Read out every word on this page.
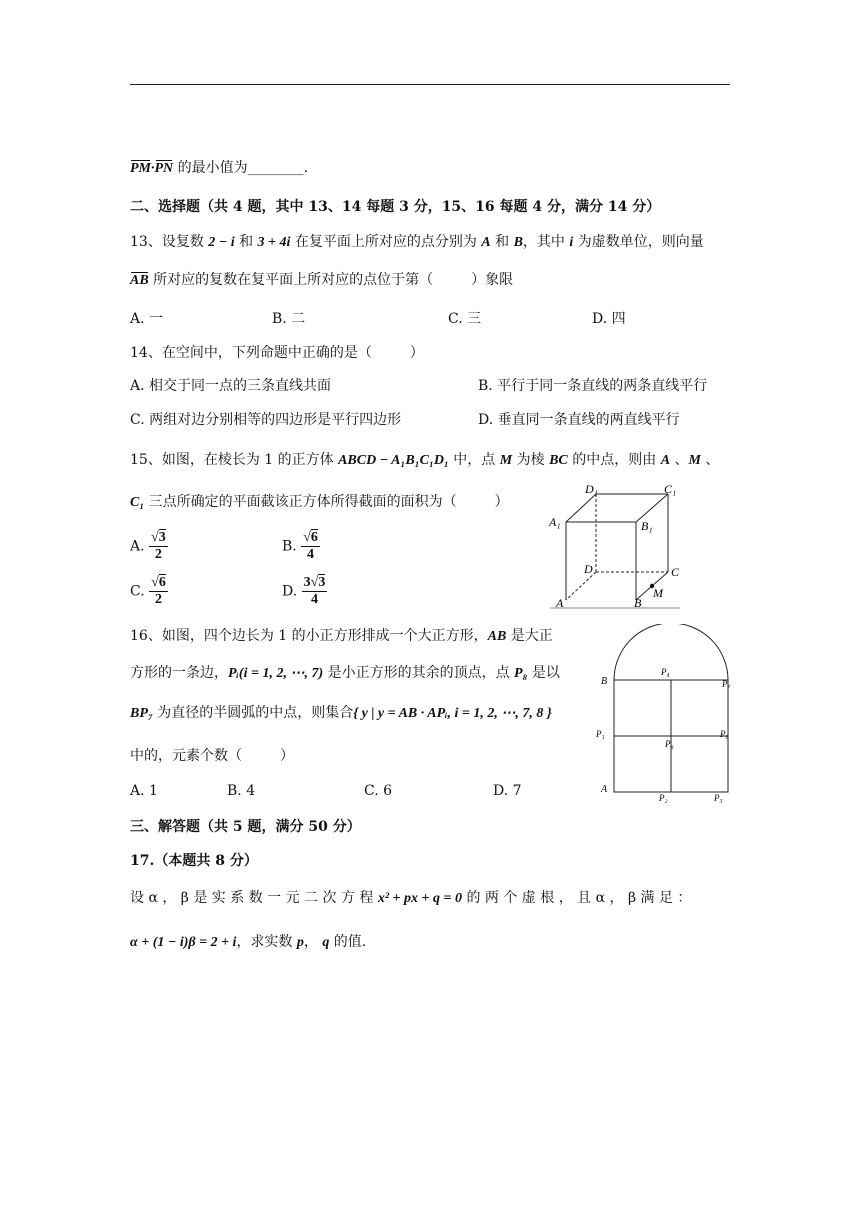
PM·PN 的最小值为________.
二、选择题（共 4 题，其中 13、14 每题 3 分，15、16 每题 4 分，满分 14 分）
13、设复数 2 − i 和 3 + 4i 在复平面上所对应的点分别为 A 和 B，其中 i 为虚数单位，则向量
AB 所对应的复数在复平面上所对应的点位于第（	）象限
A. 一	B. 二	C. 三	D. 四
14、在空间中，下列命题中正确的是（	）
A. 相交于同一点的三条直线共面	B. 平行于同一条直线的两条直线平行
C. 两组对边分别相等的四边形是平行四边形	D. 垂直同一条直线的两直线平行
15、如图，在棱长为 1 的正方体 ABCD − A₁B₁C₁D₁ 中，点 M 为棱 BC 的中点，则由 A 、M 、
C₁ 三点所确定的平面截该正方体所得截面的面积为（	）
A. $\frac{√3}{2}$	B. $\frac{√6}{4}$
C. $\frac{√6}{2}$	D. $\frac{3√3}{4}$
D₁	C₁
A₁	B₁
D	C
A	B
M
16、如图，四个边长为 1 的小正方形排成一个大正方形，AB 是大正
方形的一条边，Pᵢ(i = 1, 2, ⋯, 7) 是小正方形的其余的顶点，点 P₈ 是以
BP₇ 为直径的半圆弧的中点，则集合{ y | y = AB · APᵢ, i = 1, 2, ⋯, 7, 8 }
中的，元素个数（	）
A. 1	B. 4	C. 6	D. 7
B	P₇
P₄
P₁	P₆
P₈
A
P₂	P₃
三、解答题（共 5 题，满分 50 分）
17.（本题共 8 分）
设 α ， β 是 实 系 数 一 元 二 次 方 程 x² + px + q = 0 的 两 个 虚 根 ， 且 α ， β 满 足 ：
α + (1 − i)β = 2 + i，求实数 p， q 的值.
